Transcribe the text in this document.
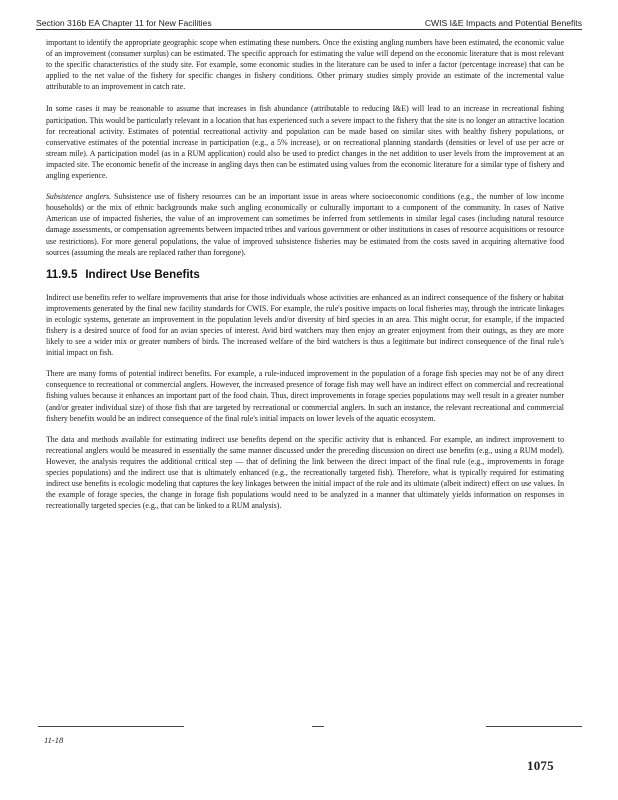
Section 316b EA Chapter 11 for New Facilities	CWIS I&E Impacts and Potential Benefits

important to identify the appropriate geographic scope when estimating these numbers. Once the existing angling numbers have been estimated, the economic value of an improvement (consumer surplus) can be estimated. The specific approach for estimating the value will depend on the economic literature that is most relevant to the specific characteristics of the study site. For example, some economic studies in the literature can be used to infer a factor (percentage increase) that can be applied to the net value of the fishery for specific changes in fishery conditions. Other primary studies simply provide an estimate of the incremental value attributable to an improvement in catch rate.

In some cases it may be reasonable to assume that increases in fish abundance (attributable to reducing I&E) will lead to an increase in recreational fishing participation. This would be particularly relevant in a location that has experienced such a severe impact to the fishery that the site is no longer an attractive location for recreational activity. Estimates of potential recreational activity and population can be made based on similar sites with healthy fishery populations, or conservative estimates of the potential increase in participation (e.g., a 5% increase), or on recreational planning standards (densities or level of use per acre or stream mile). A participation model (as in a RUM application) could also be used to predict changes in the net addition to user levels from the improvement at an impacted site. The economic benefit of the increase in angling days then can be estimated using values from the economic literature for a similar type of fishery and angling experience.

Subsistence anglers. Subsistence use of fishery resources can be an important issue in areas where socioeconomic conditions (e.g., the number of low income households) or the mix of ethnic backgrounds make such angling economically or culturally important to a component of the community. In cases of Native American use of impacted fisheries, the value of an improvement can sometimes be inferred from settlements in similar legal cases (including natural resource damage assessments, or compensation agreements between impacted tribes and various government or other institutions in cases of resource acquisitions or resource use restrictions). For more general populations, the value of improved subsistence fisheries may be estimated from the costs saved in acquiring alternative food sources (assuming the meals are replaced rather than foregone).

11.9.5 Indirect Use Benefits

Indirect use benefits refer to welfare improvements that arise for those individuals whose activities are enhanced as an indirect consequence of the fishery or habitat improvements generated by the final new facility standards for CWIS. For example, the rule's positive impacts on local fisheries may, through the intricate linkages in ecologic systems, generate an improvement in the population levels and/or diversity of bird species in an area. This might occur, for example, if the impacted fishery is a desired source of food for an avian species of interest. Avid bird watchers may then enjoy an greater enjoyment from their outings, as they are more likely to see a wider mix or greater numbers of birds. The increased welfare of the bird watchers is thus a legitimate but indirect consequence of the final rule's initial impact on fish.

There are many forms of potential indirect benefits. For example, a rule-induced improvement in the population of a forage fish species may not be of any direct consequence to recreational or commercial anglers. However, the increased presence of forage fish may well have an indirect effect on commercial and recreational fishing values because it enhances an important part of the food chain. Thus, direct improvements in forage species populations may well result in a greater number (and/or greater individual size) of those fish that are targeted by recreational or commercial anglers. In such an instance, the relevant recreational and commercial fishery benefits would be an indirect consequence of the final rule's initial impacts on lower levels of the aquatic ecosystem.

The data and methods available for estimating indirect use benefits depend on the specific activity that is enhanced. For example, an indirect improvement to recreational anglers would be measured in essentially the same manner discussed under the preceding discussion on direct use benefits (e.g., using a RUM model). However, the analysis requires the additional critical step — that of defining the link between the direct impact of the final rule (e.g., improvements in forage species populations) and the indirect use that is ultimately enhanced (e.g., the recreationally targeted fish). Therefore, what is typically required for estimating indirect use benefits is ecologic modeling that captures the key linkages between the initial impact of the rule and its ultimate (albeit indirect) effect on use values. In the example of forage species, the change in forage fish populations would need to be analyzed in a manner that ultimately yields information on responses in recreationally targeted species (e.g., that can be linked to a RUM analysis).

11-18
1075
